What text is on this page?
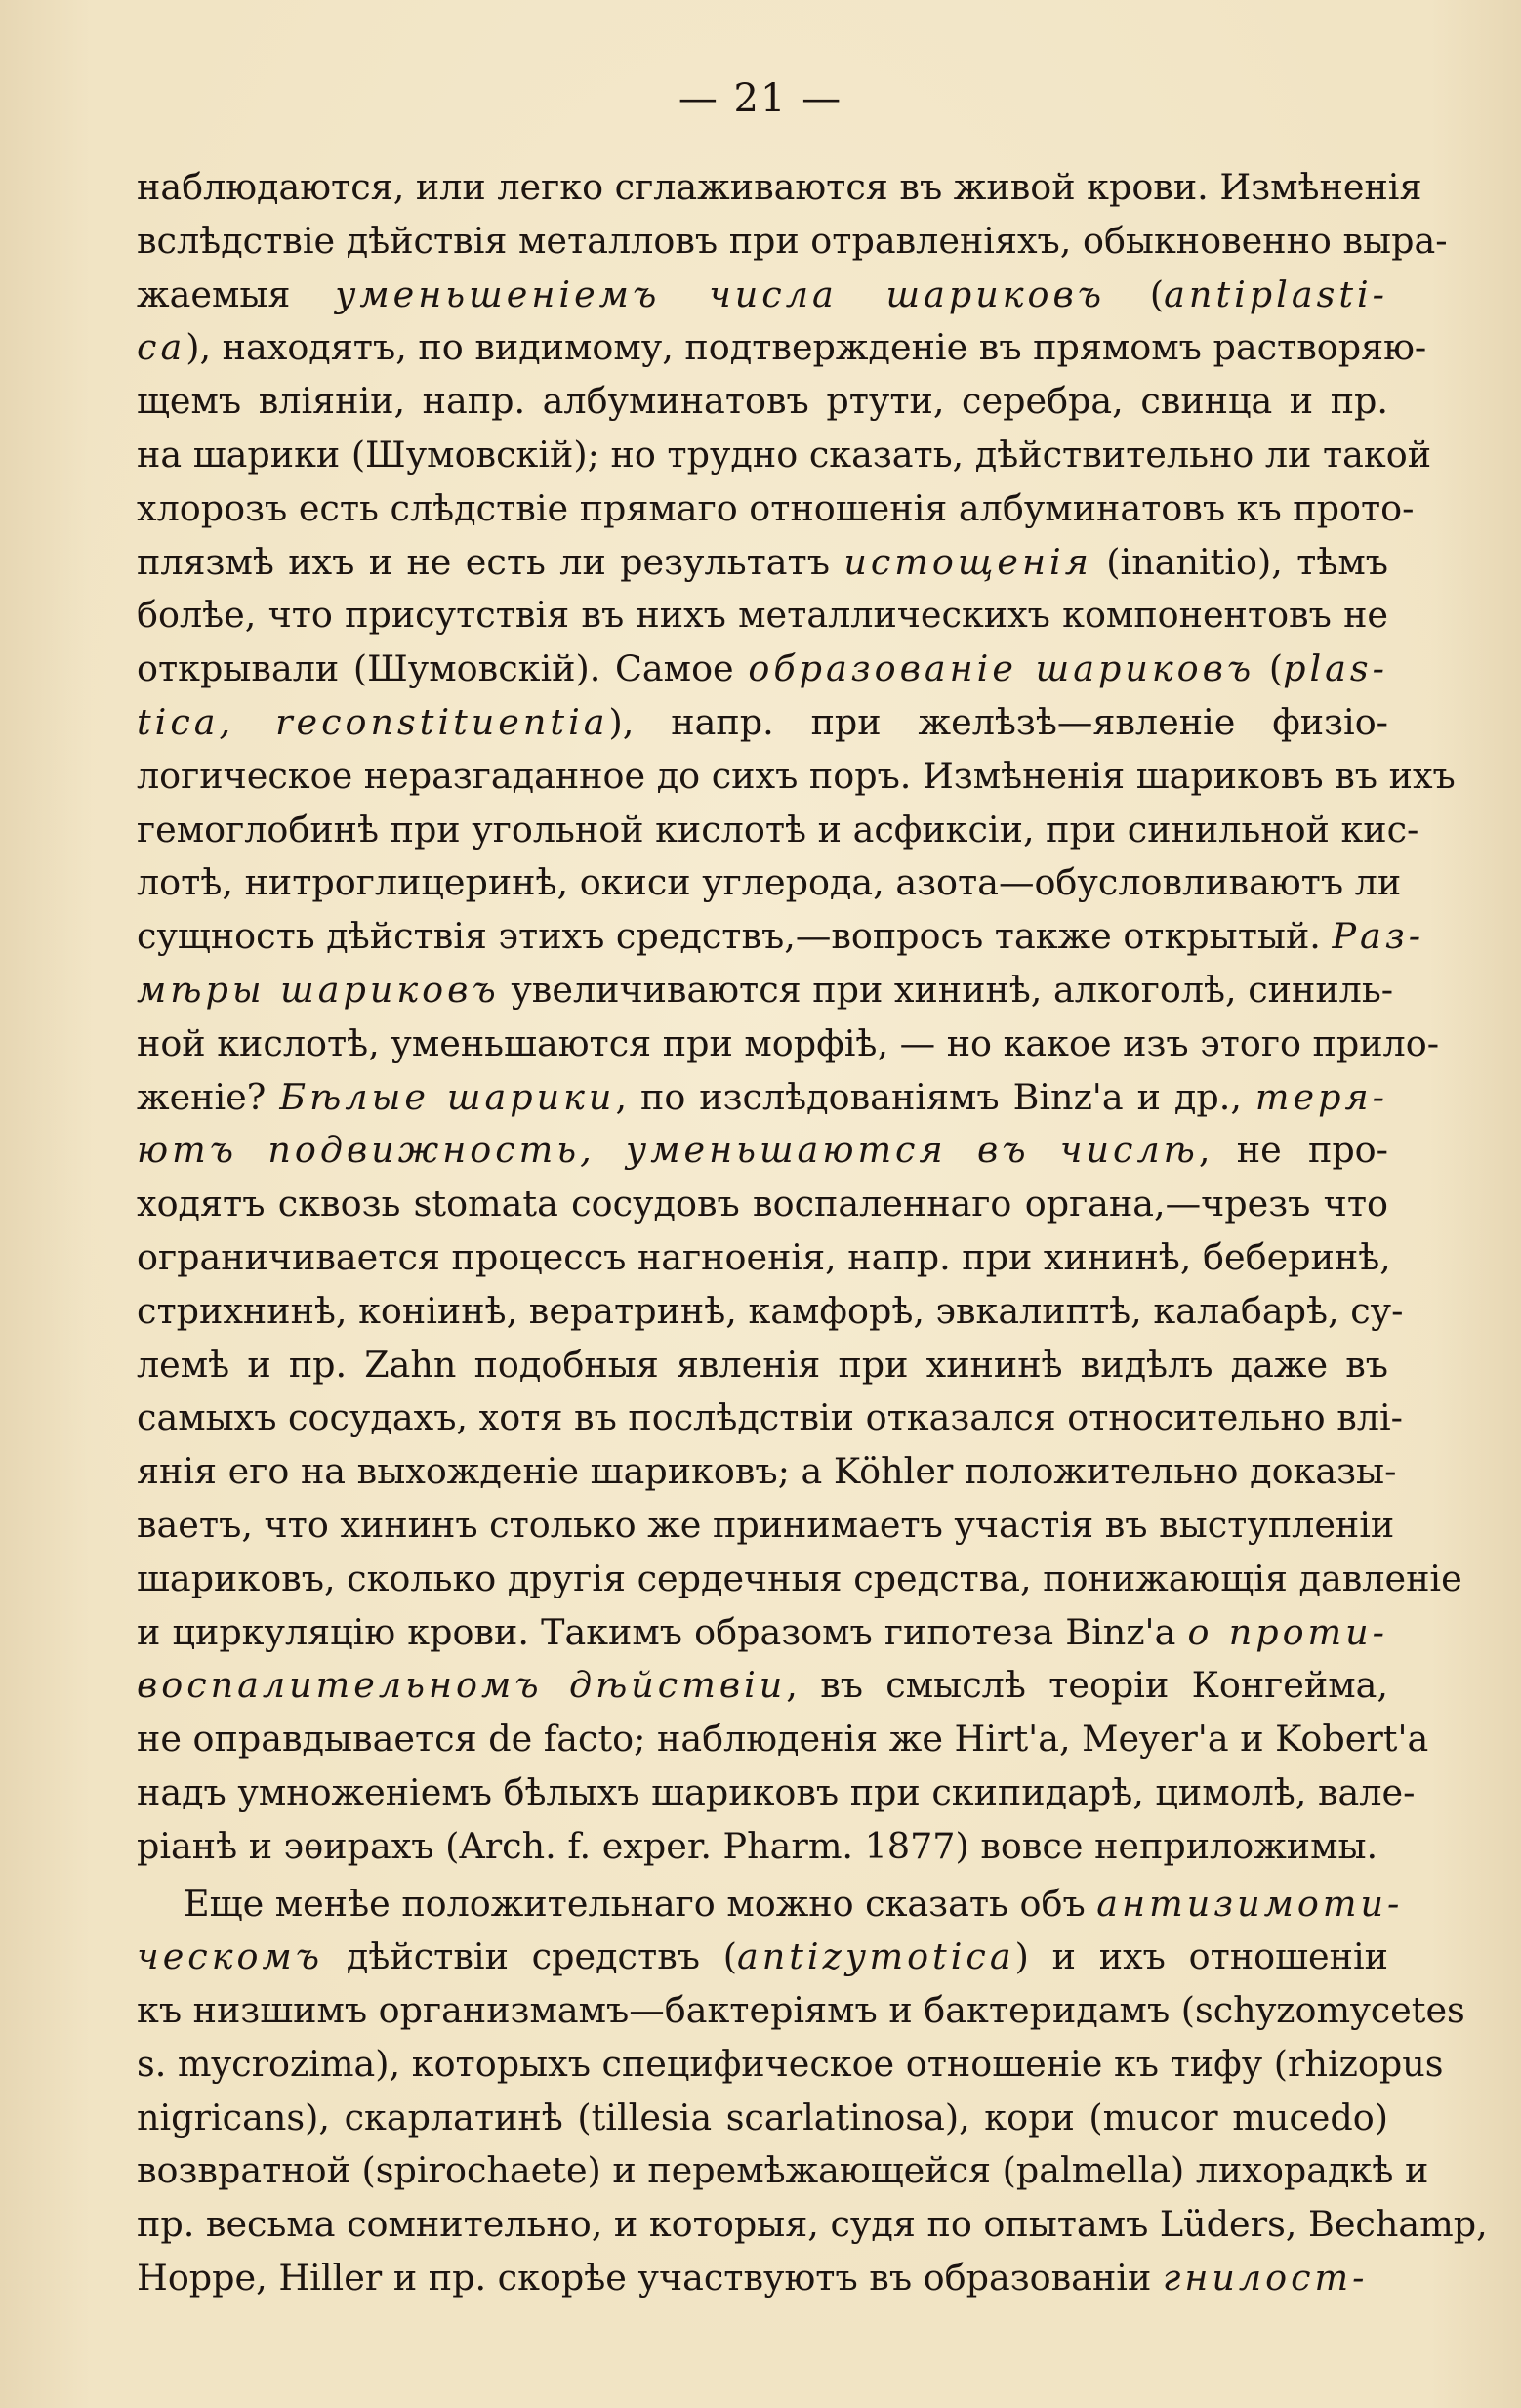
— 21 —
наблюдаются, или легко сглаживаются въ живой крови. Измѣненія
вслѣдствіе дѣйствія металловъ при отравленіяхъ, обыкновенно выра-
жаемыя уменьшеніемъ числа шариковъ (antiplastі-
ca), находятъ, по видимому, подтвержденіе въ прямомъ растворяю-
щемъ вліяніи, напр. албуминатовъ ртути, серебра, свинца и пр.
на шарики (Шумовскій); но трудно сказать, дѣйствительно ли такой
хлорозъ есть слѣдствіе прямаго отношенія албуминатовъ къ прото-
плязмѣ ихъ и не есть ли результатъ истощенія (inanitio), тѣмъ
болѣе, что присутствія въ нихъ металлическихъ компонентовъ не
открывали (Шумовскій). Самое образованіе шариковъ (plas-
tica, reconstituentia), напр. при желѣзѣ—явленіе физіо-
логическое неразгаданное до сихъ поръ. Измѣненія шариковъ въ ихъ
гемоглобинѣ при угольной кислотѣ и асфиксіи, при синильной кис-
лотѣ, нитроглицеринѣ, окиси углерода, азота—обусловливаютъ ли
сущность дѣйствія этихъ средствъ,—вопросъ также открытый. Раз-
мѣры шариковъ увеличиваются при хининѣ, алкоголѣ, синиль-
ной кислотѣ, уменьшаются при морфіѣ, — но какое изъ этого прило-
женіе? Бѣлые шарики, по изслѣдованіямъ Binz'а и др., теря-
ютъ подвижность, уменьшаются въ числѣ, не про-
ходятъ сквозь stomata сосудовъ воспаленнаго органа,—чрезъ что
ограничивается процессъ нагноенія, напр. при хининѣ, беберинѣ,
стрихнинѣ, коніинѣ, вератринѣ, камфорѣ, эвкалиптѣ, калабарѣ, су-
лемѣ и пр. Zahn подобныя явленія при хининѣ видѣлъ даже въ
самыхъ сосудахъ, хотя въ послѣдствіи отказался относительно влі-
янія его на выхожденіе шариковъ; а Köhler положительно доказы-
ваетъ, что хининъ столько же принимаетъ участія въ выступленіи
шариковъ, сколько другія сердечныя средства, понижающія давленіе
и циркуляцію крови. Такимъ образомъ гипотеза Binz'а о проти-
воспалительномъ дѣйствіи, въ смыслѣ теоріи Конгейма,
не оправдывается de facto; наблюденія же Hirt'а, Meyer'а и Kobert'а
надъ умноженіемъ бѣлыхъ шариковъ при скипидарѣ, цимолѣ, вале-
ріанѣ и эѳирахъ (Arch. f. exper. Pharm. 1877) вовсе неприложимы.
Еще менѣе положительнаго можно сказать объ антизимоти-
ческомъ дѣйствіи средствъ (antizymotica) и ихъ отношеніи
къ низшимъ организмамъ—бактеріямъ и бактеридамъ (schyzomycetes
s. mycrozima), которыхъ специфическое отношеніе къ тифу (rhizopus
nigricans), скарлатинѣ (tillesia scarlatinosa), кори (mucor mucedo)
возвратной (spirochaete) и перемѣжающейся (palmella) лихорадкѣ и
пр. весьма сомнительно, и которыя, судя по опытамъ Lüders, Bechamp,
Hoppe, Hiller и пр. скорѣе участвуютъ въ образованіи гнилост-
